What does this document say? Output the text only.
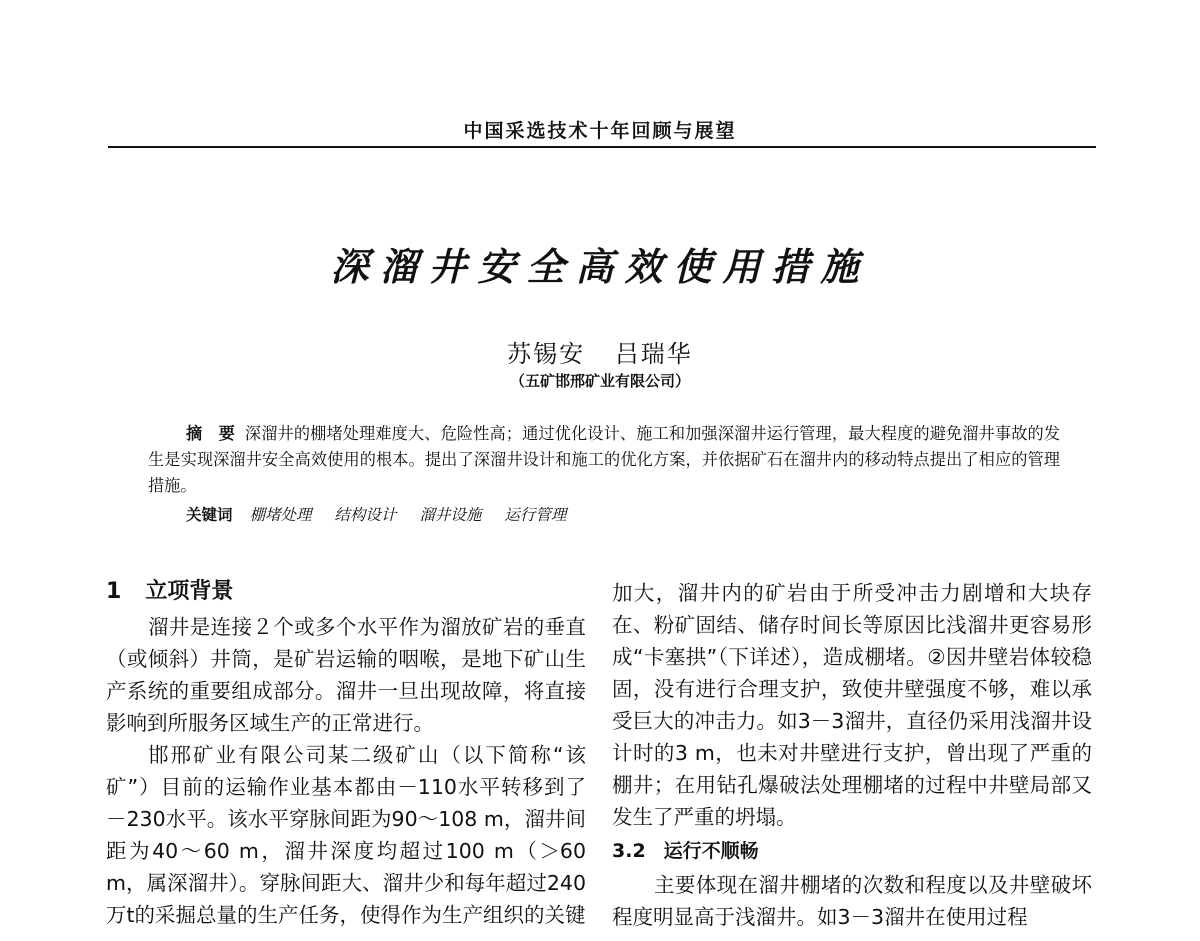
中国采选技术十年回顾与展望
深溜井安全高效使用措施
苏锡安 吕瑞华
（五矿邯邢矿业有限公司）

摘　要 深溜井的棚堵处理难度大、危险性高；通过优化设计、施工和加强深溜井运行管理，最大程度的避免溜井事故的发生是实现深溜井安全高效使用的根本。提出了深溜井设计和施工的优化方案，并依据矿石在溜井内的移动特点提出了相应的管理措施。

关键词 棚堵处理 结构设计 溜井设施 运行管理
1 立项背景

溜井是连接２个或多个水平作为溜放矿岩的垂直（或倾斜）井筒，是矿岩运输的咽喉，是地下矿山生产系统的重要组成部分。溜井一旦出现故障，将直接影响到所服务区域生产的正常进行。

邯邢矿业有限公司某二级矿山（以下简称“该矿”）目前的运输作业基本都由－110水平转移到了－230水平。该水平穿脉间距为90～108 m，溜井间距为40～60 m，溜井深度均超过100 m（＞60 m，属深溜井）。穿脉间距大、溜井少和每年超过240万t的采掘总量的生产任务，使得作为生产组织的关键

加大，溜井内的矿岩由于所受冲击力剧增和大块存在、粉矿固结、储存时间长等原因比浅溜井更容易形成“卡塞拱”（下详述），造成棚堵。②因井壁岩体较稳固，没有进行合理支护，致使井壁强度不够，难以承受巨大的冲击力。如3－3溜井，直径仍采用浅溜井设计时的3 m，也未对井壁进行支护，曾出现了严重的棚井；在用钻孔爆破法处理棚堵的过程中井壁局部又发生了严重的坍塌。

3.2 运行不顺畅

主要体现在溜井棚堵的次数和程度以及井壁破坏程度明显高于浅溜井。如3－3溜井在使用过程
